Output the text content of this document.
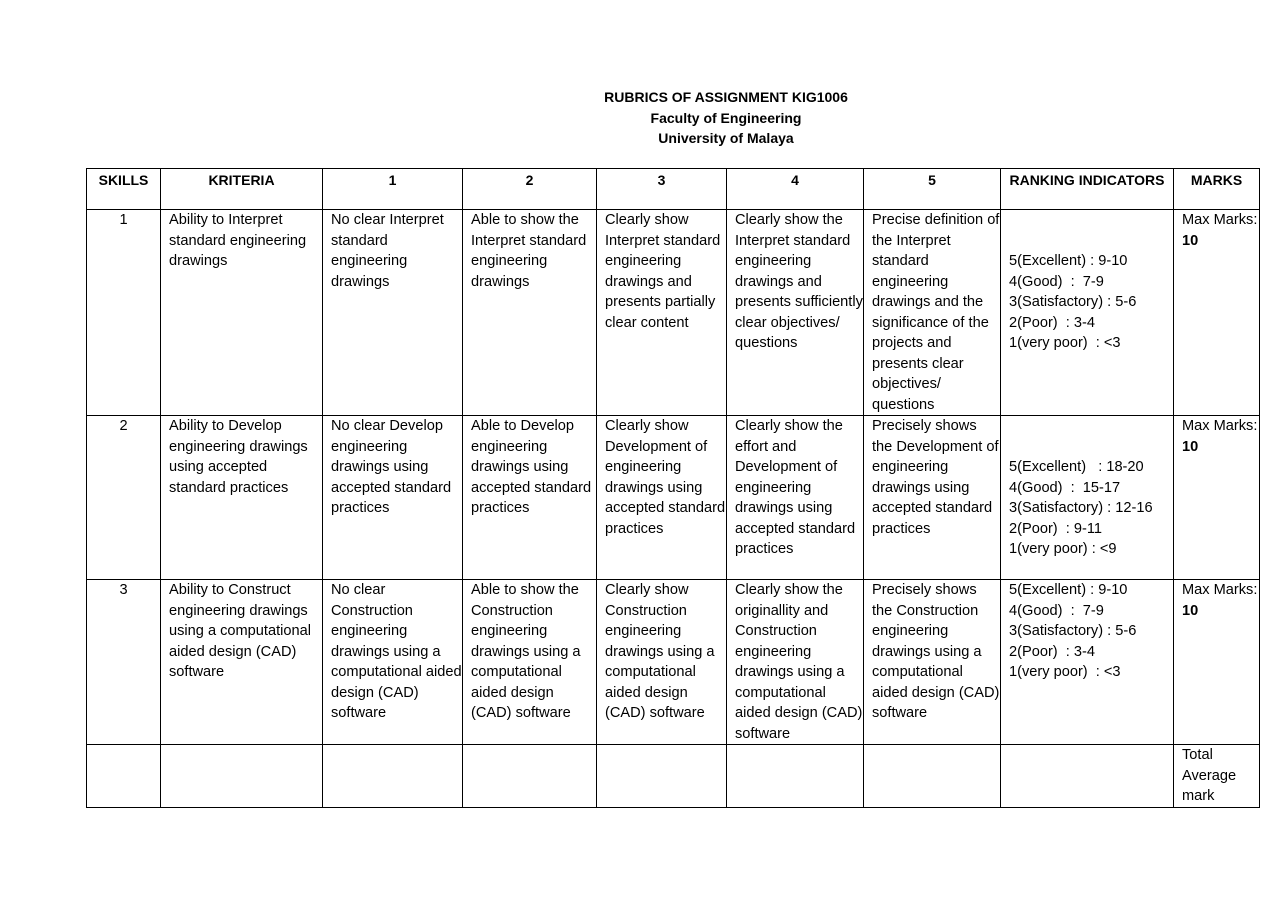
RUBRICS OF ASSIGNMENT KIG1006
Faculty of Engineering
University of Malaya
SKILLS	KRITERIA	1	2	3	4	5	RANKING INDICATORS	MARKS
1	Ability to Interpret standard engineering drawings	No clear Interpret standard engineering drawings	Able to show the Interpret standard engineering drawings	Clearly show Interpret standard engineering drawings and presents partially clear content	Clearly show the Interpret standard engineering drawings and presents sufficiently clear objectives/ questions	Precise definition of the Interpret standard engineering drawings and the significance of the projects and presents clear objectives/ questions	5(Excellent) : 9-10
4(Good)  :  7-9
3(Satisfactory) : 5-6
2(Poor)  : 3-4
1(very poor)  : <3	Max Marks: 10
2	Ability to Develop engineering drawings using accepted standard practices	No clear Develop engineering drawings using accepted standard practices	Able to Develop engineering drawings using accepted standard practices	Clearly show Development of engineering drawings using accepted standard practices	Clearly show the effort and Development of engineering drawings using accepted standard practices	Precisely shows the Development of engineering drawings using accepted standard practices	5(Excellent)   : 18-20
4(Good)  :  15-17
3(Satisfactory) : 12-16
2(Poor)  : 9-11
1(very poor) : <9	Max Marks: 10
3	Ability to Construct engineering drawings using a computational aided design (CAD) software	No clear Construction engineering drawings using a computational aided design (CAD) software	Able to show the Construction engineering drawings using a computational aided design (CAD) software	Clearly show Construction engineering drawings using a computational aided design (CAD) software	Clearly show the originallity and Construction engineering drawings using a computational aided design (CAD) software	Precisely shows the Construction engineering drawings using a computational aided design (CAD) software	5(Excellent) : 9-10
4(Good)  :  7-9
3(Satisfactory) : 5-6
2(Poor)  : 3-4
1(very poor)  : <3	Max Marks: 10
								Total Average mark
